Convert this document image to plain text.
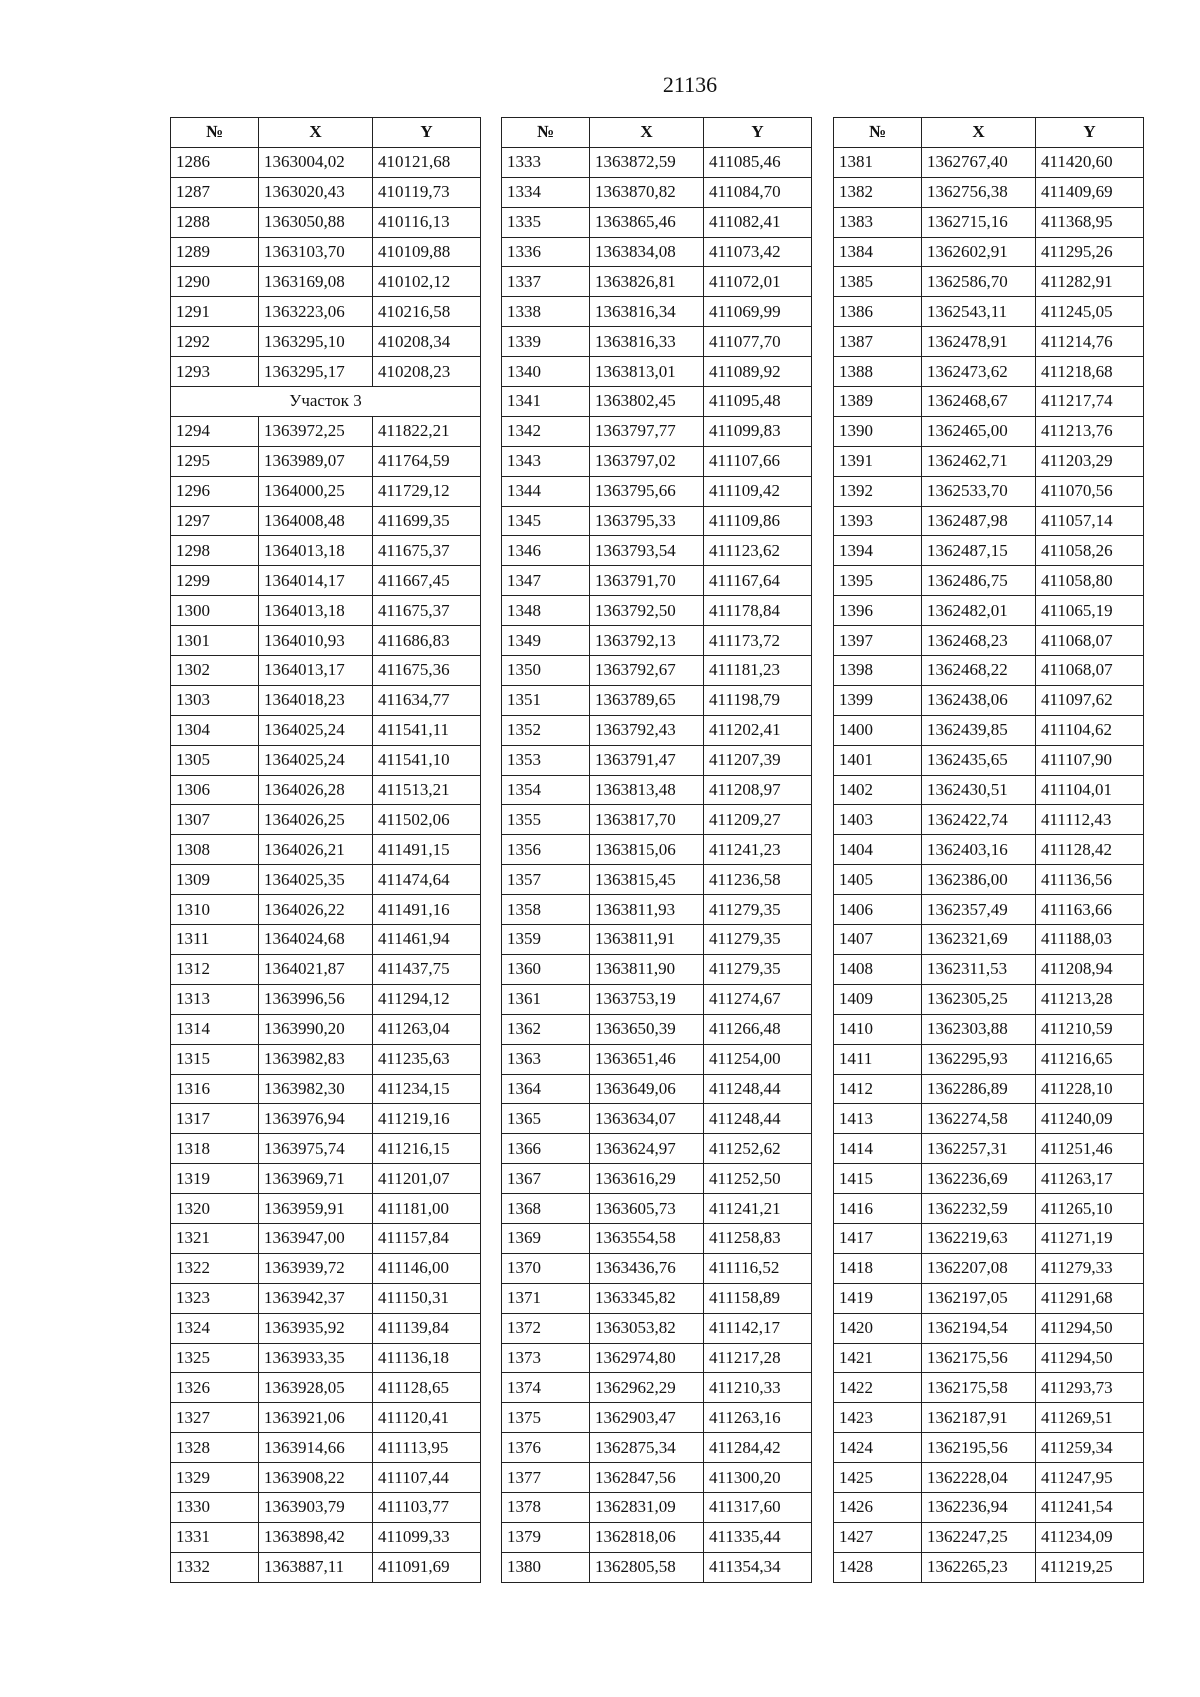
21136
№	X	Y
1286	1363004,02	410121,68
1287	1363020,43	410119,73
1288	1363050,88	410116,13
1289	1363103,70	410109,88
1290	1363169,08	410102,12
1291	1363223,06	410216,58
1292	1363295,10	410208,34
1293	1363295,17	410208,23
Участок 3		
1294	1363972,25	411822,21
1295	1363989,07	411764,59
1296	1364000,25	411729,12
1297	1364008,48	411699,35
1298	1364013,18	411675,37
1299	1364014,17	411667,45
1300	1364013,18	411675,37
1301	1364010,93	411686,83
1302	1364013,17	411675,36
1303	1364018,23	411634,77
1304	1364025,24	411541,11
1305	1364025,24	411541,10
1306	1364026,28	411513,21
1307	1364026,25	411502,06
1308	1364026,21	411491,15
1309	1364025,35	411474,64
1310	1364026,22	411491,16
1311	1364024,68	411461,94
1312	1364021,87	411437,75
1313	1363996,56	411294,12
1314	1363990,20	411263,04
1315	1363982,83	411235,63
1316	1363982,30	411234,15
1317	1363976,94	411219,16
1318	1363975,74	411216,15
1319	1363969,71	411201,07
1320	1363959,91	411181,00
1321	1363947,00	411157,84
1322	1363939,72	411146,00
1323	1363942,37	411150,31
1324	1363935,92	411139,84
1325	1363933,35	411136,18
1326	1363928,05	411128,65
1327	1363921,06	411120,41
1328	1363914,66	411113,95
1329	1363908,22	411107,44
1330	1363903,79	411103,77
1331	1363898,42	411099,33
1332	1363887,11	411091,69
№	X	Y
1333	1363872,59	411085,46
1334	1363870,82	411084,70
1335	1363865,46	411082,41
1336	1363834,08	411073,42
1337	1363826,81	411072,01
1338	1363816,34	411069,99
1339	1363816,33	411077,70
1340	1363813,01	411089,92
1341	1363802,45	411095,48
1342	1363797,77	411099,83
1343	1363797,02	411107,66
1344	1363795,66	411109,42
1345	1363795,33	411109,86
1346	1363793,54	411123,62
1347	1363791,70	411167,64
1348	1363792,50	411178,84
1349	1363792,13	411173,72
1350	1363792,67	411181,23
1351	1363789,65	411198,79
1352	1363792,43	411202,41
1353	1363791,47	411207,39
1354	1363813,48	411208,97
1355	1363817,70	411209,27
1356	1363815,06	411241,23
1357	1363815,45	411236,58
1358	1363811,93	411279,35
1359	1363811,91	411279,35
1360	1363811,90	411279,35
1361	1363753,19	411274,67
1362	1363650,39	411266,48
1363	1363651,46	411254,00
1364	1363649,06	411248,44
1365	1363634,07	411248,44
1366	1363624,97	411252,62
1367	1363616,29	411252,50
1368	1363605,73	411241,21
1369	1363554,58	411258,83
1370	1363436,76	411116,52
1371	1363345,82	411158,89
1372	1363053,82	411142,17
1373	1362974,80	411217,28
1374	1362962,29	411210,33
1375	1362903,47	411263,16
1376	1362875,34	411284,42
1377	1362847,56	411300,20
1378	1362831,09	411317,60
1379	1362818,06	411335,44
1380	1362805,58	411354,34
№	X	Y
1381	1362767,40	411420,60
1382	1362756,38	411409,69
1383	1362715,16	411368,95
1384	1362602,91	411295,26
1385	1362586,70	411282,91
1386	1362543,11	411245,05
1387	1362478,91	411214,76
1388	1362473,62	411218,68
1389	1362468,67	411217,74
1390	1362465,00	411213,76
1391	1362462,71	411203,29
1392	1362533,70	411070,56
1393	1362487,98	411057,14
1394	1362487,15	411058,26
1395	1362486,75	411058,80
1396	1362482,01	411065,19
1397	1362468,23	411068,07
1398	1362468,22	411068,07
1399	1362438,06	411097,62
1400	1362439,85	411104,62
1401	1362435,65	411107,90
1402	1362430,51	411104,01
1403	1362422,74	411112,43
1404	1362403,16	411128,42
1405	1362386,00	411136,56
1406	1362357,49	411163,66
1407	1362321,69	411188,03
1408	1362311,53	411208,94
1409	1362305,25	411213,28
1410	1362303,88	411210,59
1411	1362295,93	411216,65
1412	1362286,89	411228,10
1413	1362274,58	411240,09
1414	1362257,31	411251,46
1415	1362236,69	411263,17
1416	1362232,59	411265,10
1417	1362219,63	411271,19
1418	1362207,08	411279,33
1419	1362197,05	411291,68
1420	1362194,54	411294,50
1421	1362175,56	411294,50
1422	1362175,58	411293,73
1423	1362187,91	411269,51
1424	1362195,56	411259,34
1425	1362228,04	411247,95
1426	1362236,94	411241,54
1427	1362247,25	411234,09
1428	1362265,23	411219,25
